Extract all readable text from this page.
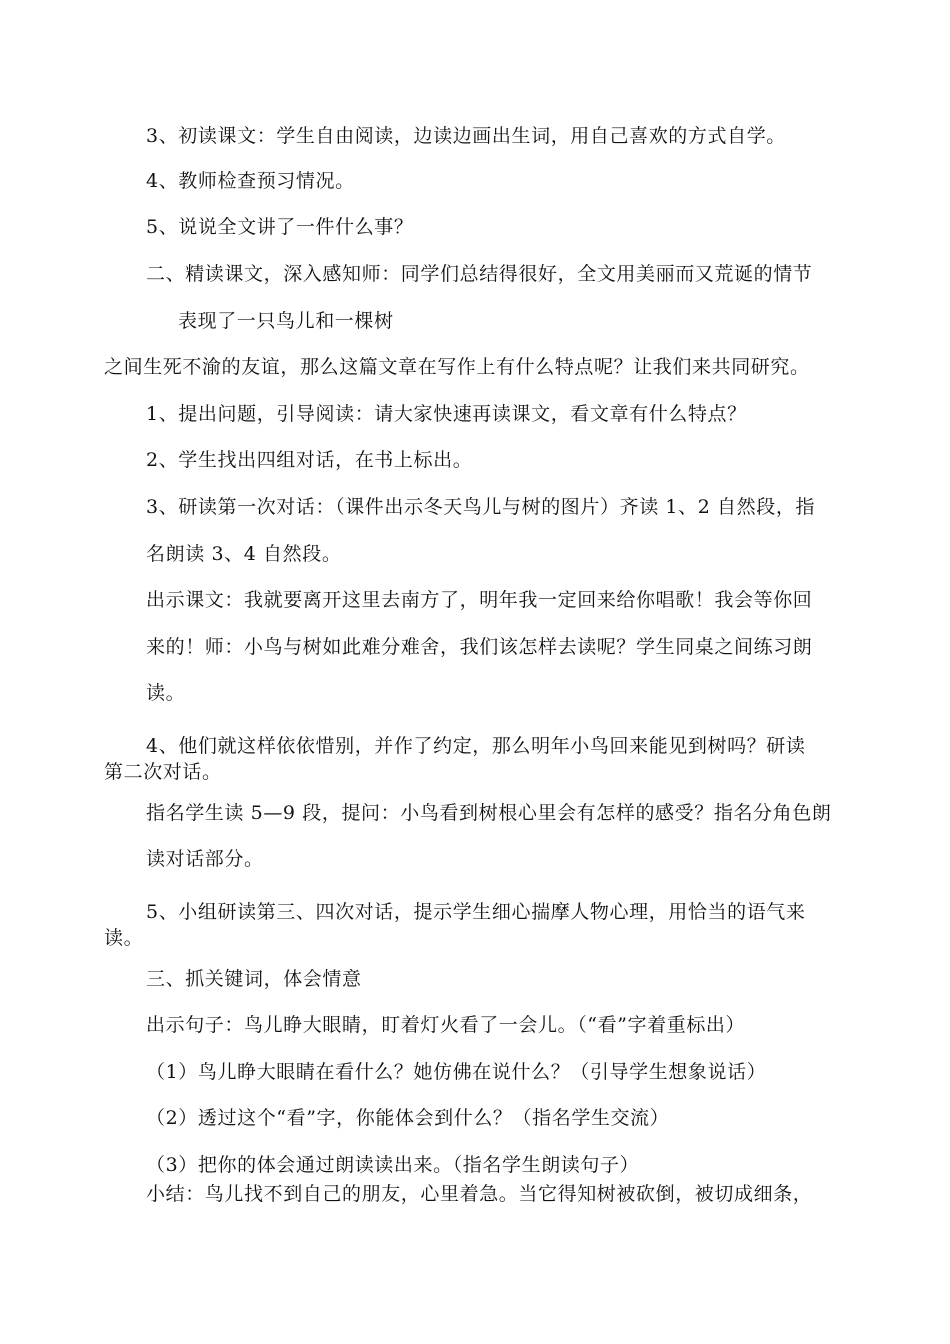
3、初读课文：学生自由阅读，边读边画出生词，用自己喜欢的方式自学。
4、教师检查预习情况。
5、说说全文讲了一件什么事？
二、精读课文，深入感知师：同学们总结得很好，全文用美丽而又荒诞的情节
表现了一只鸟儿和一棵树
之间生死不渝的友谊，那么这篇文章在写作上有什么特点呢？让我们来共同研究。
1、提出问题，引导阅读：请大家快速再读课文，看文章有什么特点？
2、学生找出四组对话，在书上标出。
3、研读第一次对话：（课件出示冬天鸟儿与树的图片）齐读 1、2 自然段，指
名朗读 3、4 自然段。
出示课文：我就要离开这里去南方了，明年我一定回来给你唱歌！我会等你回
来的！师：小鸟与树如此难分难舍，我们该怎样去读呢？学生同桌之间练习朗
读。
4、他们就这样依依惜别，并作了约定，那么明年小鸟回来能见到树吗？研读
第二次对话。
指名学生读 5—9 段，提问：小鸟看到树根心里会有怎样的感受？指名分角色朗
读对话部分。
5、小组研读第三、四次对话，提示学生细心揣摩人物心理，用恰当的语气来
读。
三、抓关键词，体会情意
出示句子：鸟儿睁大眼睛，盯着灯火看了一会儿。（“看”字着重标出）
（1）鸟儿睁大眼睛在看什么？她仿佛在说什么？（引导学生想象说话）
（2）透过这个“看”字，你能体会到什么？（指名学生交流）
（3）把你的体会通过朗读读出来。（指名学生朗读句子）
小结：鸟儿找不到自己的朋友，心里着急。当它得知树被砍倒，被切成细条，
